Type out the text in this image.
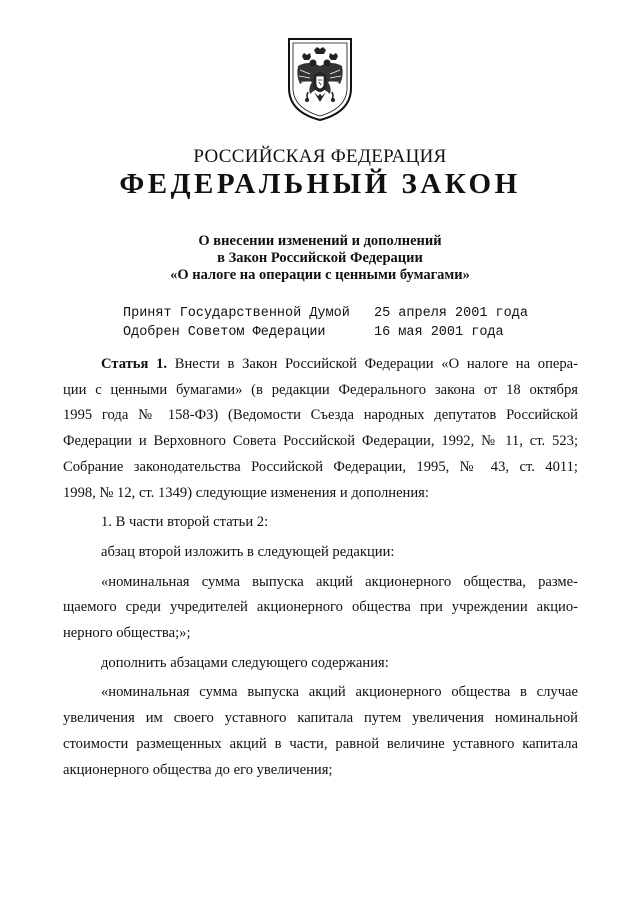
РОССИЙСКАЯ ФЕДЕРАЦИЯ
ФЕДЕРАЛЬНЫЙ ЗАКОН
О внесении изменений и дополнений
в Закон Российской Федерации
«О налоге на операции с ценными бумагами»
Принят Государственной Думой
Одобрен Советом Федерации
25 апреля 2001 года
16 мая 2001 года
Статья 1. Внести в Закон Российской Федерации «О налоге на опера-
ции с ценными бумагами» (в редакции Федерального закона от 18 октября
1995 года № 158-ФЗ) (Ведомости Съезда народных депутатов Российской
Федерации и Верховного Совета Российской Федерации, 1992, № 11, ст. 523;
Собрание законодательства Российской Федерации, 1995, № 43, ст. 4011;
1998, № 12, ст. 1349) следующие изменения и дополнения:
1. В части второй статьи 2:
абзац второй изложить в следующей редакции:
«номинальная сумма выпуска акций акционерного общества, разме-
щаемого среди учредителей акционерного общества при учреждении акцио-
нерного общества;»;
дополнить абзацами следующего содержания:
«номинальная сумма выпуска акций акционерного общества в случае
увеличения им своего уставного капитала путем увеличения номинальной
стоимости размещенных акций в части, равной величине уставного капитала
акционерного общества до его увеличения;
